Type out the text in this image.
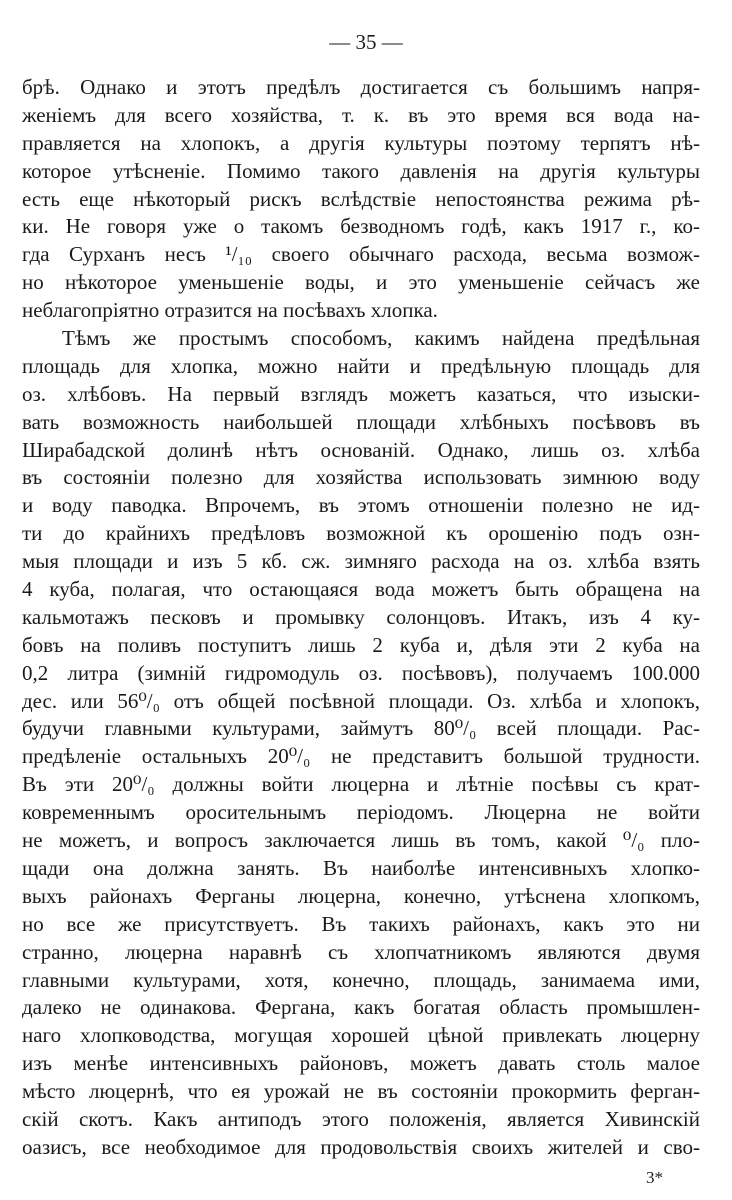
— 35 —
брѣ. Однако и этотъ предѣлъ достигается съ большимъ напря-
женіемъ для всего хозяйства, т. к. въ это время вся вода на-
правляется на хлопокъ, а другія культуры поэтому терпятъ нѣ-
которое утѣсненіе. Помимо такого давленія на другія культуры
есть еще нѣкоторый рискъ вслѣдствіе непостоянства режима рѣ-
ки. Не говоря уже о такомъ безводномъ годѣ, какъ 1917 г., ко-
гда Сурханъ несъ ¹/₁₀ своего обычнаго расхода, весьма возмож-
но нѣкоторое уменьшеніе воды, и это уменьшеніе сейчасъ же
неблагопріятно отразится на посѣвахъ хлопка.
Тѣмъ же простымъ способомъ, какимъ найдена предѣльная
площадь для хлопка, можно найти и предѣльную площадь для
оз. хлѣбовъ. На первый взглядъ можетъ казаться, что изыски-
вать возможность наибольшей площади хлѣбныхъ посѣвовъ въ
Ширабадской долинѣ нѣтъ основаній. Однако, лишь оз. хлѣба
въ состояніи полезно для хозяйства использовать зимнюю воду
и воду паводка. Впрочемъ, въ этомъ отношеніи полезно не ид-
ти до крайнихъ предѣловъ возможной къ орошенію подъ озн-
мыя площади и изъ 5 кб. сж. зимняго расхода на оз. хлѣба взять
4 куба, полагая, что остающаяся вода можетъ быть обращена на
кальмотажъ песковъ и промывку солонцовъ. Итакъ, изъ 4 ку-
бовъ на поливъ поступитъ лишь 2 куба и, дѣля эти 2 куба на
0,2 литра (зимній гидромодуль оз. посѣвовъ), получаемъ 100.000
дес. или 56⁰/₀ отъ общей посѣвной площади. Оз. хлѣба и хлопокъ,
будучи главными культурами, займутъ 80⁰/₀ всей площади. Рас-
предѣленіе остальныхъ 20⁰/₀ не представитъ большой трудности.
Въ эти 20⁰/₀ должны войти люцерна и лѣтніе посѣвы съ крат-
ковременнымъ оросительнымъ періодомъ. Люцерна не войти
не можетъ, и вопросъ заключается лишь въ томъ, какой ⁰/₀ пло-
щади она должна занять. Въ наиболѣе интенсивныхъ хлопко-
выхъ районахъ Ферганы люцерна, конечно, утѣснена хлопкомъ,
но все же присутствуетъ. Въ такихъ районахъ, какъ это ни
странно, люцерна наравнѣ съ хлопчатникомъ являются двумя
главными культурами, хотя, конечно, площадь, занимаема ими,
далеко не одинакова. Фергана, какъ богатая область промышлен-
наго хлопководства, могущая хорошей цѣной привлекать люцерну
изъ менѣе интенсивныхъ районовъ, можетъ давать столь малое
мѣсто люцернѣ, что ея урожай не въ состояніи прокормить ферган-
скій скотъ. Какъ антиподъ этого положенія, является Хивинскій
оазисъ, все необходимое для продовольствія своихъ жителей и сво-
3*
